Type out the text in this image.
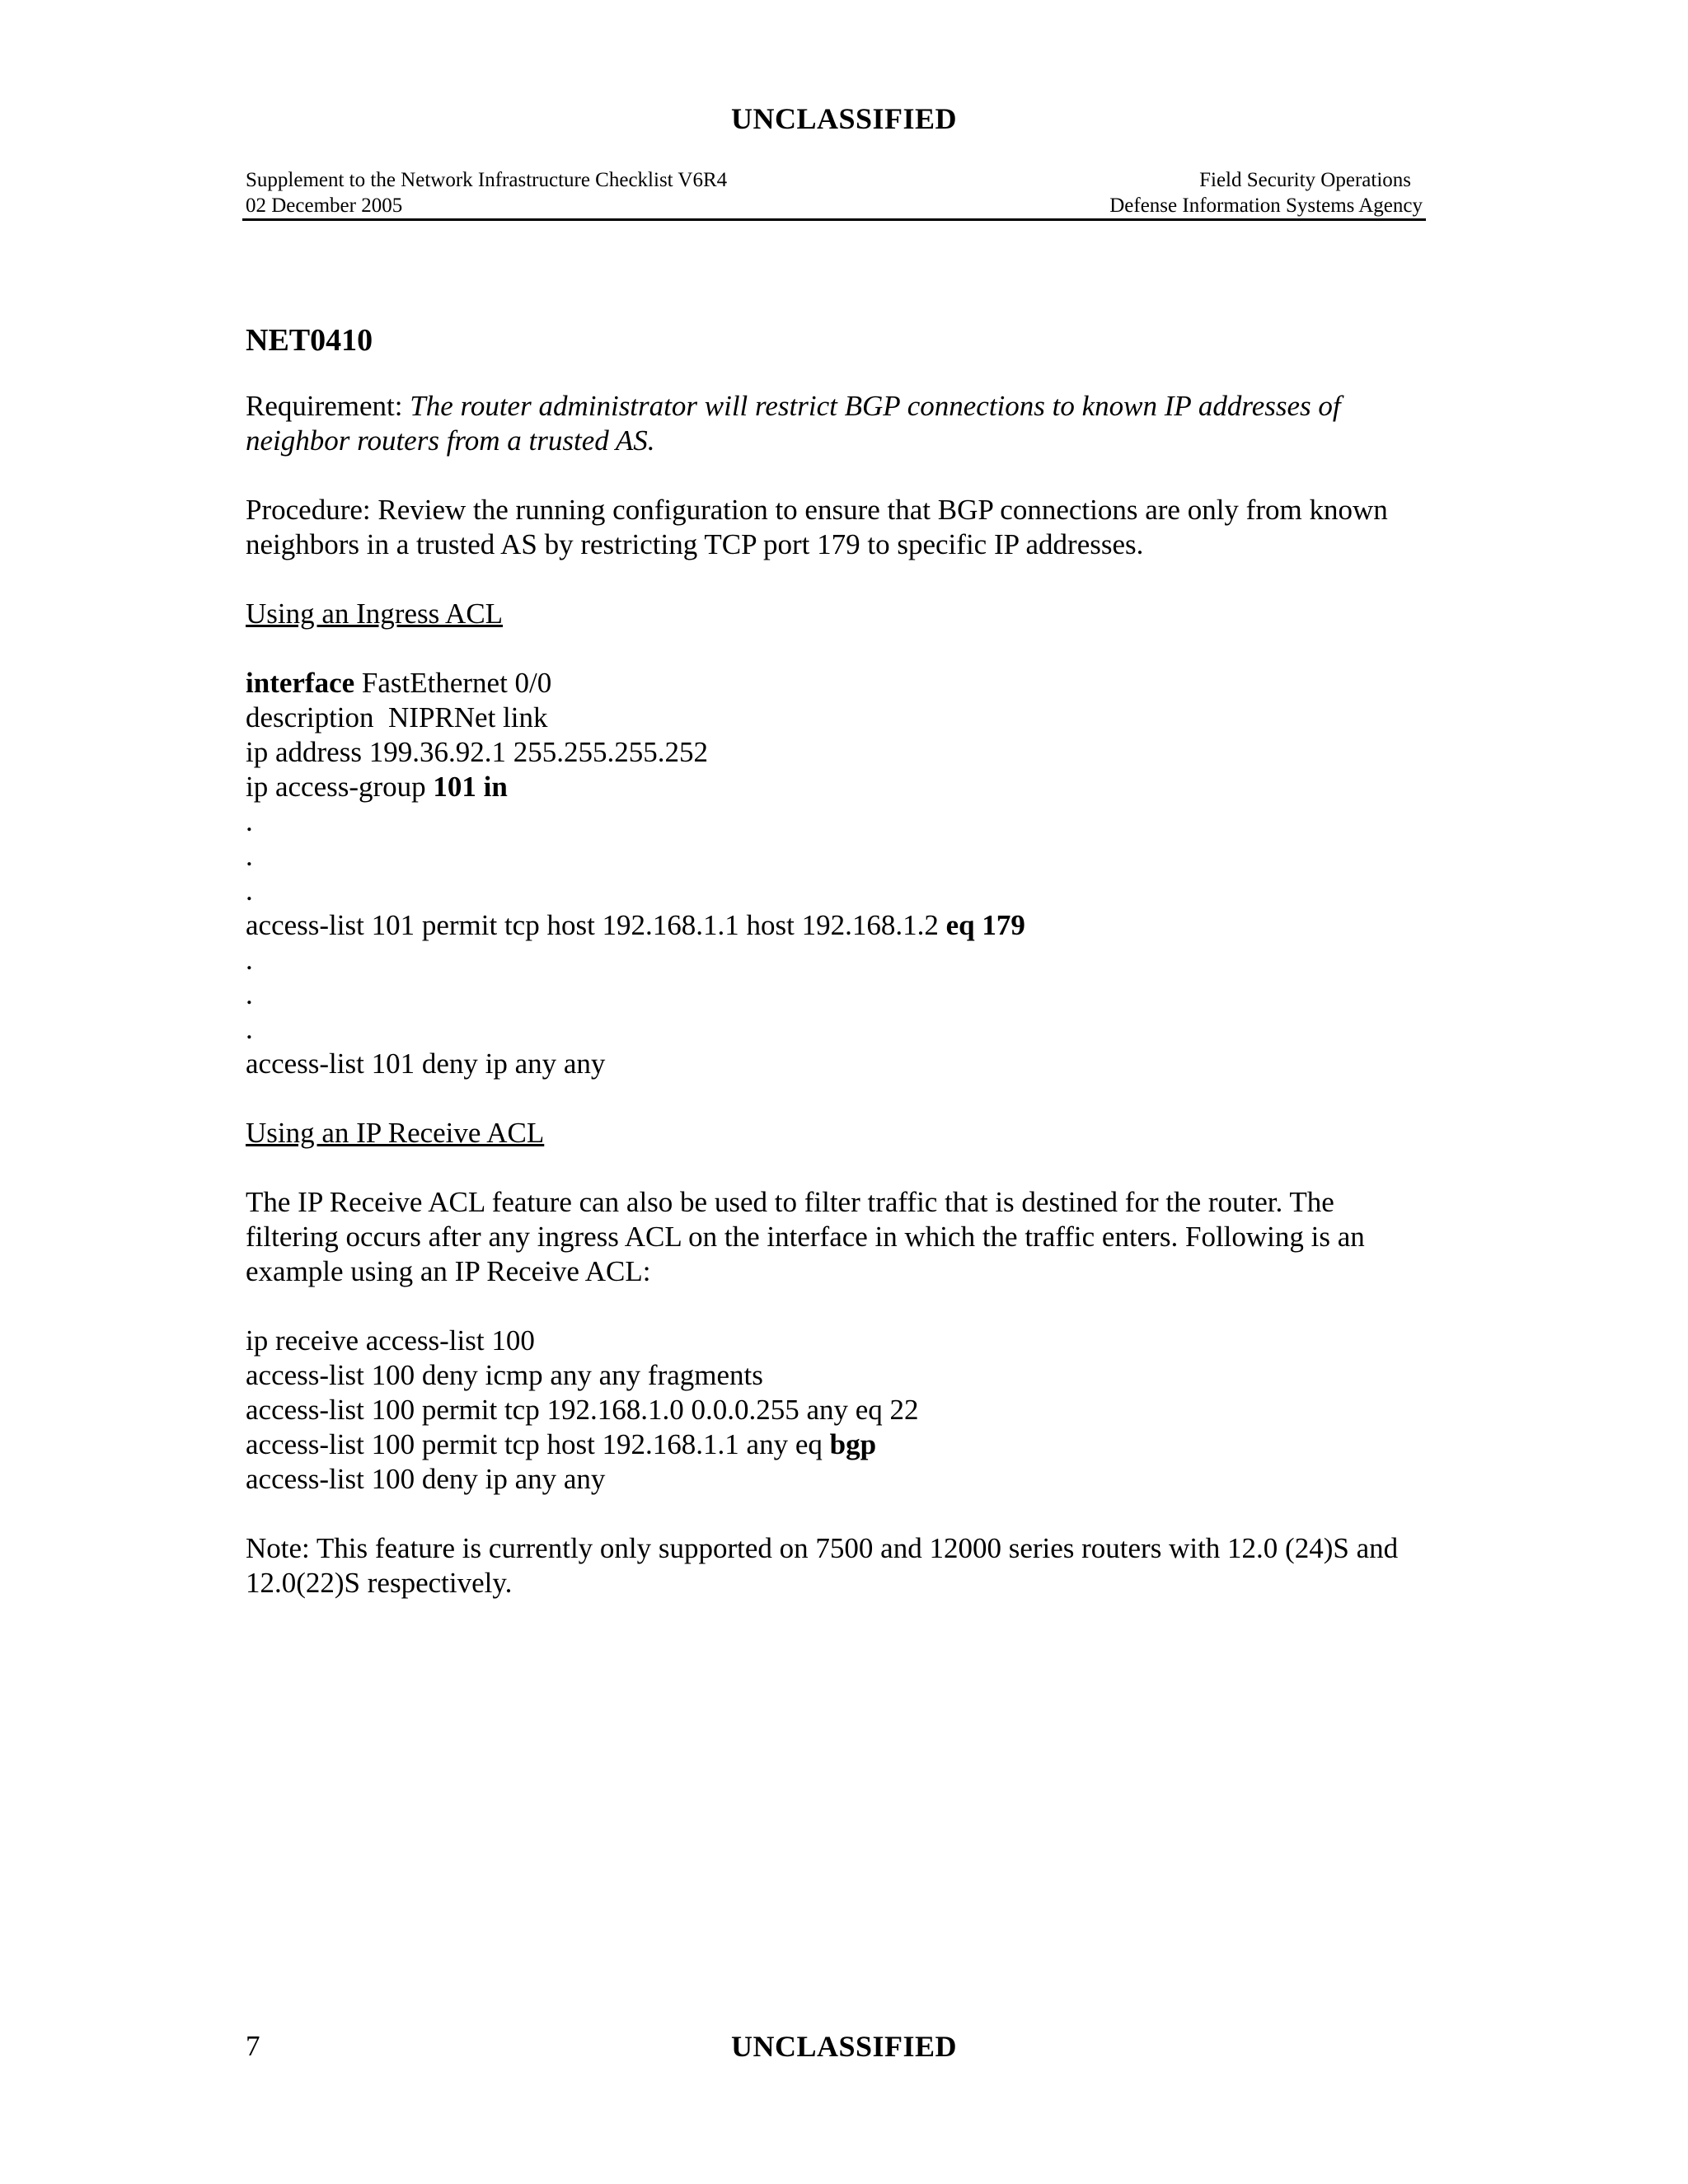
UNCLASSIFIED
Supplement to the Network Infrastructure Checklist V6R4	Field Security Operations
02 December 2005	Defense Information Systems Agency
NET0410

Requirement: The router administrator will restrict BGP connections to known IP addresses of neighbor routers from a trusted AS.

Procedure: Review the running configuration to ensure that BGP connections are only from known neighbors in a trusted AS by restricting TCP port 179 to specific IP addresses.

Using an Ingress ACL

interface FastEthernet 0/0

description  NIPRNet link

ip address 199.36.92.1 255.255.255.252

ip access-group 101 in

.

.

.

access-list 101 permit tcp host 192.168.1.1 host 192.168.1.2 eq 179

.

.

.

access-list 101 deny ip any any

Using an IP Receive ACL

The IP Receive ACL feature can also be used to filter traffic that is destined for the router. The filtering occurs after any ingress ACL on the interface in which the traffic enters. Following is an example using an IP Receive ACL:

ip receive access-list 100

access-list 100 deny icmp any any fragments

access-list 100 permit tcp 192.168.1.0 0.0.0.255 any eq 22

access-list 100 permit tcp host 192.168.1.1 any eq bgp

access-list 100 deny ip any any

Note: This feature is currently only supported on 7500 and 12000 series routers with 12.0 (24)S and 12.0(22)S respectively.

7	UNCLASSIFIED
